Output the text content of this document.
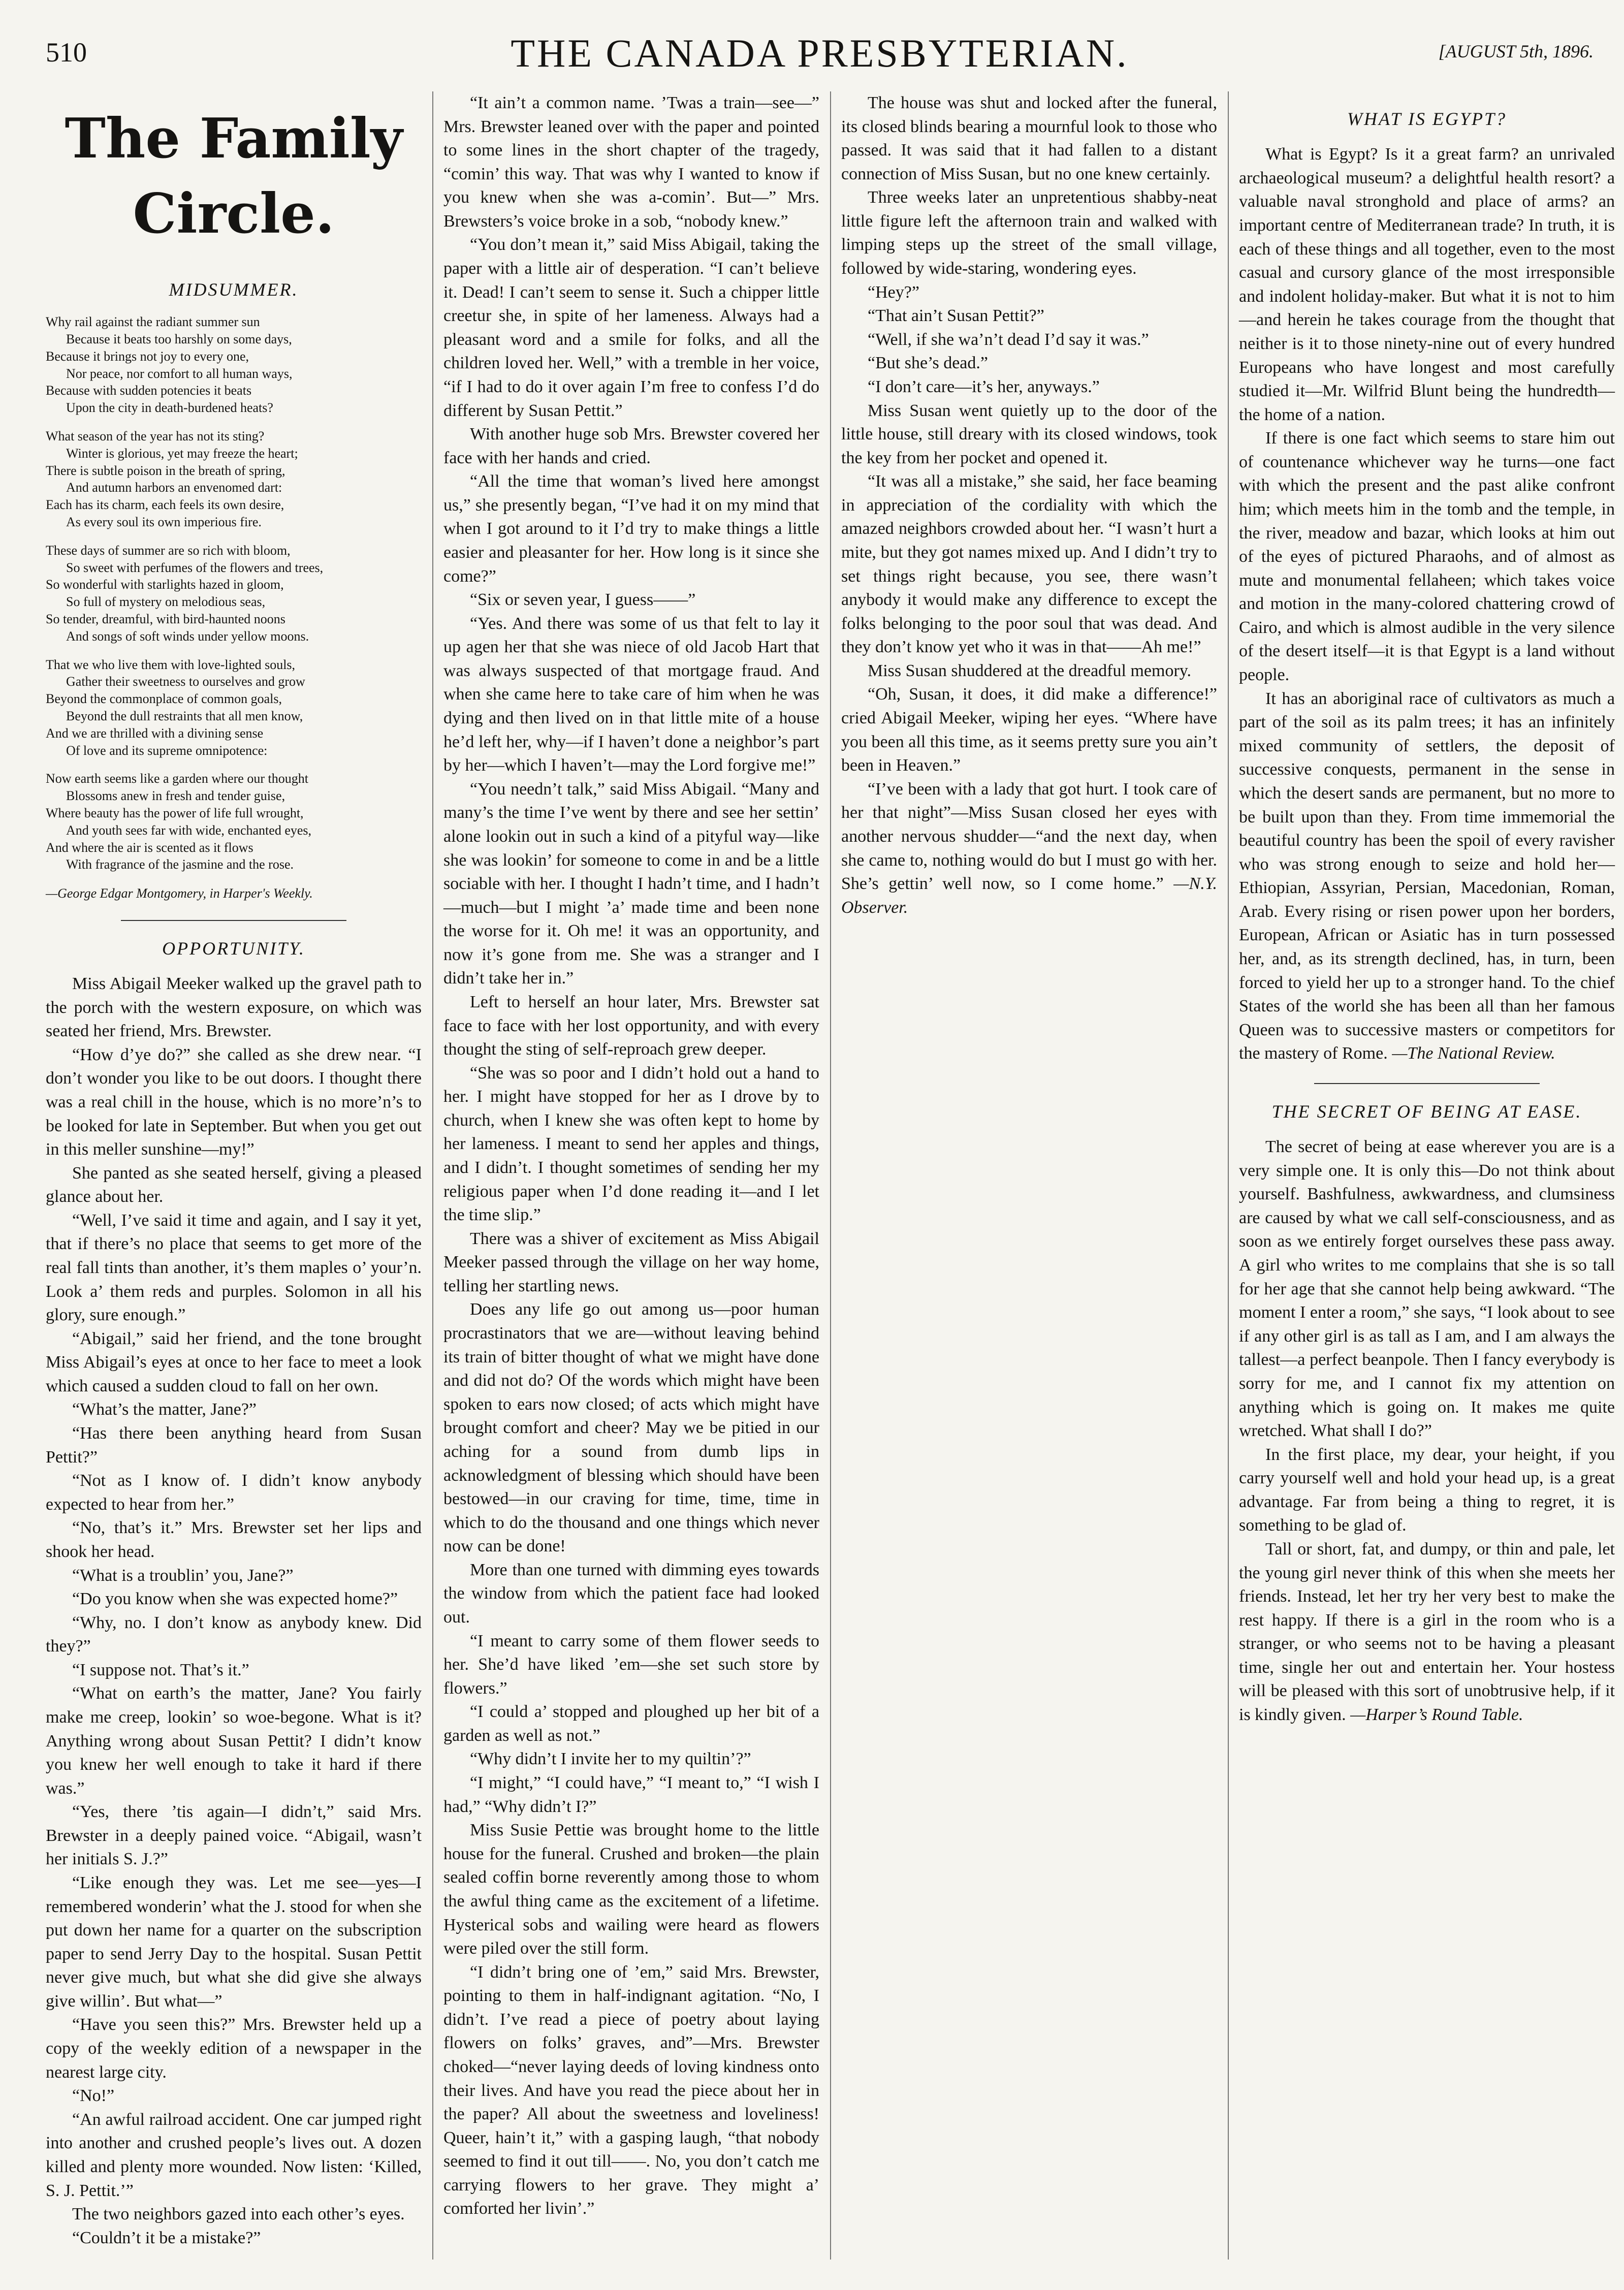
510	THE CANADA PRESBYTERIAN.	[AUGUST 5th, 1896.
The Family Circle.
MIDSUMMER.
Why rail against the radiant summer sun
Because it beats too harshly on some days,
Because it brings not joy to every one,
Nor peace, nor comfort to all human ways,
Because with sudden potencies it beats
Upon the city in death-burdened heats?
What season of the year has not its sting?
Winter is glorious, yet may freeze the heart;
There is subtle poison in the breath of spring,
And autumn harbors an envenomed dart:
Each has its charm, each feels its own desire,
As every soul its own imperious fire.
These days of summer are so rich with bloom,
So sweet with perfumes of the flowers and trees,
So wonderful with starlights hazed in gloom,
So full of mystery on melodious seas,
So tender, dreamful, with bird-haunted noons
And songs of soft winds under yellow moons.
That we who live them with love-lighted souls,
Gather their sweetness to ourselves and grow
Beyond the commonplace of common goals,
Beyond the dull restraints that all men know,
And we are thrilled with a divining sense
Of love and its supreme omnipotence:
Now earth seems like a garden where our thought
Blossoms anew in fresh and tender guise,
Where beauty has the power of life full wrought,
And youth sees far with wide, enchanted eyes,
And where the air is scented as it flows
With fragrance of the jasmine and the rose.
—George Edgar Montgomery, in Harper's Weekly.
OPPORTUNITY.

Miss Abigail Meeker walked up the gravel path to the porch with the western exposure, on which was seated her friend, Mrs. Brewster.

“How d’ye do?” she called as she drew near. “I don’t wonder you like to be out doors. I thought there was a real chill in the house, which is no more’n’s to be looked for late in September. But when you get out in this meller sunshine—my!”

She panted as she seated herself, giving a pleased glance about her.

“Well, I’ve said it time and again, and I say it yet, that if there’s no place that seems to get more of the real fall tints than another, it’s them maples o’ your’n. Look a’ them reds and purples. Solomon in all his glory, sure enough.”

“Abigail,” said her friend, and the tone brought Miss Abigail’s eyes at once to her face to meet a look which caused a sudden cloud to fall on her own.

“What’s the matter, Jane?”

“Has there been anything heard from Susan Pettit?”

“Not as I know of. I didn’t know anybody expected to hear from her.”

“No, that’s it.” Mrs. Brewster set her lips and shook her head.

“What is a troublin’ you, Jane?”

“Do you know when she was expected home?”

“Why, no. I don’t know as anybody knew. Did they?”

“I suppose not. That’s it.”

“What on earth’s the matter, Jane? You fairly make me creep, lookin’ so woe-begone. What is it? Anything wrong about Susan Pettit? I didn’t know you knew her well enough to take it hard if there was.”

“Yes, there ’tis again—I didn’t,” said Mrs. Brewster in a deeply pained voice. “Abigail, wasn’t her initials S. J.?”

“Like enough they was. Let me see—yes—I remembered wonderin’ what the J. stood for when she put down her name for a quarter on the subscription paper to send Jerry Day to the hospital. Susan Pettit never give much, but what she did give she always give willin’. But what—”

“Have you seen this?” Mrs. Brewster held up a copy of the weekly edition of a newspaper in the nearest large city.

“No!”

“An awful railroad accident. One car jumped right into another and crushed people’s lives out. A dozen killed and plenty more wounded. Now listen: ‘Killed, S. J. Pettit.’”

The two neighbors gazed into each other’s eyes.

“Couldn’t it be a mistake?”

“It ain’t a common name. ’Twas a train—see—” Mrs. Brewster leaned over with the paper and pointed to some lines in the short chapter of the tragedy, “comin’ this way. That was why I wanted to know if you knew when she was a-comin’. But—” Mrs. Brewsters’s voice broke in a sob, “nobody knew.”

“You don’t mean it,” said Miss Abigail, taking the paper with a little air of desperation. “I can’t believe it. Dead! I can’t seem to sense it. Such a chipper little creetur she, in spite of her lameness. Always had a pleasant word and a smile for folks, and all the children loved her. Well,” with a tremble in her voice, “if I had to do it over again I’m free to confess I’d do different by Susan Pettit.”

With another huge sob Mrs. Brewster covered her face with her hands and cried.

“All the time that woman’s lived here amongst us,” she presently began, “I’ve had it on my mind that when I got around to it I’d try to make things a little easier and pleasanter for her. How long is it since she come?”

“Six or seven year, I guess——”

“Yes. And there was some of us that felt to lay it up agen her that she was niece of old Jacob Hart that was always suspected of that mortgage fraud. And when she came here to take care of him when he was dying and then lived on in that little mite of a house he’d left her, why—if I haven’t done a neighbor’s part by her—which I haven’t—may the Lord forgive me!”

“You needn’t talk,” said Miss Abigail. “Many and many’s the time I’ve went by there and see her settin’ alone lookin out in such a kind of a pityful way—like she was lookin’ for someone to come in and be a little sociable with her. I thought I hadn’t time, and I hadn’t—much—but I might ’a’ made time and been none the worse for it. Oh me! it was an opportunity, and now it’s gone from me. She was a stranger and I didn’t take her in.”

Left to herself an hour later, Mrs. Brewster sat face to face with her lost opportunity, and with every thought the sting of self-reproach grew deeper.

“She was so poor and I didn’t hold out a hand to her. I might have stopped for her as I drove by to church, when I knew she was often kept to home by her lameness. I meant to send her apples and things, and I didn’t. I thought sometimes of sending her my religious paper when I’d done reading it—and I let the time slip.”

There was a shiver of excitement as Miss Abigail Meeker passed through the village on her way home, telling her startling news.

Does any life go out among us—poor human procrastinators that we are—without leaving behind its train of bitter thought of what we might have done and did not do? Of the words which might have been spoken to ears now closed; of acts which might have brought comfort and cheer? May we be pitied in our aching for a sound from dumb lips in acknowledgment of blessing which should have been bestowed—in our craving for time, time, time in which to do the thousand and one things which never now can be done!

More than one turned with dimming eyes towards the window from which the patient face had looked out.

“I meant to carry some of them flower seeds to her. She’d have liked ’em—she set such store by flowers.”

“I could a’ stopped and ploughed up her bit of a garden as well as not.”

“Why didn’t I invite her to my quiltin’?”

“I might,” “I could have,” “I meant to,” “I wish I had,” “Why didn’t I?”

Miss Susie Pettie was brought home to the little house for the funeral. Crushed and broken—the plain sealed coffin borne reverently among those to whom the awful thing came as the excitement of a lifetime. Hysterical sobs and wailing were heard as flowers were piled over the still form.

“I didn’t bring one of ’em,” said Mrs. Brewster, pointing to them in half-indignant agitation. “No, I didn’t. I’ve read a piece of poetry about laying flowers on folks’ graves, and”—Mrs. Brewster choked—“never laying deeds of loving kindness onto their lives. And have you read the piece about her in the paper? All about the sweetness and loveliness! Queer, hain’t it,” with a gasping laugh, “that nobody seemed to find it out till——. No, you don’t catch me carrying flowers to her grave. They might a’ comforted her livin’.”

The house was shut and locked after the funeral, its closed blinds bearing a mournful look to those who passed. It was said that it had fallen to a distant connection of Miss Susan, but no one knew certainly.

Three weeks later an unpretentious shabby-neat little figure left the afternoon train and walked with limping steps up the street of the small village, followed by wide-staring, wondering eyes.

“Hey?”

“That ain’t Susan Pettit?”

“Well, if she wa’n’t dead I’d say it was.”

“But she’s dead.”

“I don’t care—it’s her, anyways.”

Miss Susan went quietly up to the door of the little house, still dreary with its closed windows, took the key from her pocket and opened it.

“It was all a mistake,” she said, her face beaming in appreciation of the cordiality with which the amazed neighbors crowded about her. “I wasn’t hurt a mite, but they got names mixed up. And I didn’t try to set things right because, you see, there wasn’t anybody it would make any difference to except the folks belonging to the poor soul that was dead. And they don’t know yet who it was in that——Ah me!”

Miss Susan shuddered at the dreadful memory.

“Oh, Susan, it does, it did make a difference!” cried Abigail Meeker, wiping her eyes. “Where have you been all this time, as it seems pretty sure you ain’t been in Heaven.”

“I’ve been with a lady that got hurt. I took care of her that night”—Miss Susan closed her eyes with another nervous shudder—“and the next day, when she came to, nothing would do but I must go with her. She’s gettin’ well now, so I come home.” —N.Y. Observer.

WHAT IS EGYPT?

What is Egypt? Is it a great farm? an unrivaled archaeological museum? a delightful health resort? a valuable naval stronghold and place of arms? an important centre of Mediterranean trade? In truth, it is each of these things and all together, even to the most casual and cursory glance of the most irresponsible and indolent holiday-maker. But what it is not to him—and herein he takes courage from the thought that neither is it to those ninety-nine out of every hundred Europeans who have longest and most carefully studied it—Mr. Wilfrid Blunt being the hundredth—the home of a nation.

If there is one fact which seems to stare him out of countenance whichever way he turns—one fact with which the present and the past alike confront him; which meets him in the tomb and the temple, in the river, meadow and bazar, which looks at him out of the eyes of pictured Pharaohs, and of almost as mute and monumental fellaheen; which takes voice and motion in the many-colored chattering crowd of Cairo, and which is almost audible in the very silence of the desert itself—it is that Egypt is a land without people.

It has an aboriginal race of cultivators as much a part of the soil as its palm trees; it has an infinitely mixed community of settlers, the deposit of successive conquests, permanent in the sense in which the desert sands are permanent, but no more to be built upon than they. From time immemorial the beautiful country has been the spoil of every ravisher who was strong enough to seize and hold her—Ethiopian, Assyrian, Persian, Macedonian, Roman, Arab. Every rising or risen power upon her borders, European, African or Asiatic has in turn possessed her, and, as its strength declined, has, in turn, been forced to yield her up to a stronger hand. To the chief States of the world she has been all than her famous Queen was to successive masters or competitors for the mastery of Rome. —The National Review.

THE SECRET OF BEING AT EASE.

The secret of being at ease wherever you are is a very simple one. It is only this—Do not think about yourself. Bashfulness, awkwardness, and clumsiness are caused by what we call self-consciousness, and as soon as we entirely forget ourselves these pass away. A girl who writes to me complains that she is so tall for her age that she cannot help being awkward. “The moment I enter a room,” she says, “I look about to see if any other girl is as tall as I am, and I am always the tallest—a perfect beanpole. Then I fancy everybody is sorry for me, and I cannot fix my attention on anything which is going on. It makes me quite wretched. What shall I do?”

In the first place, my dear, your height, if you carry yourself well and hold your head up, is a great advantage. Far from being a thing to regret, it is something to be glad of.

Tall or short, fat, and dumpy, or thin and pale, let the young girl never think of this when she meets her friends. Instead, let her try her very best to make the rest happy. If there is a girl in the room who is a stranger, or who seems not to be having a pleasant time, single her out and entertain her. Your hostess will be pleased with this sort of unobtrusive help, if it is kindly given. —Harper’s Round Table.
